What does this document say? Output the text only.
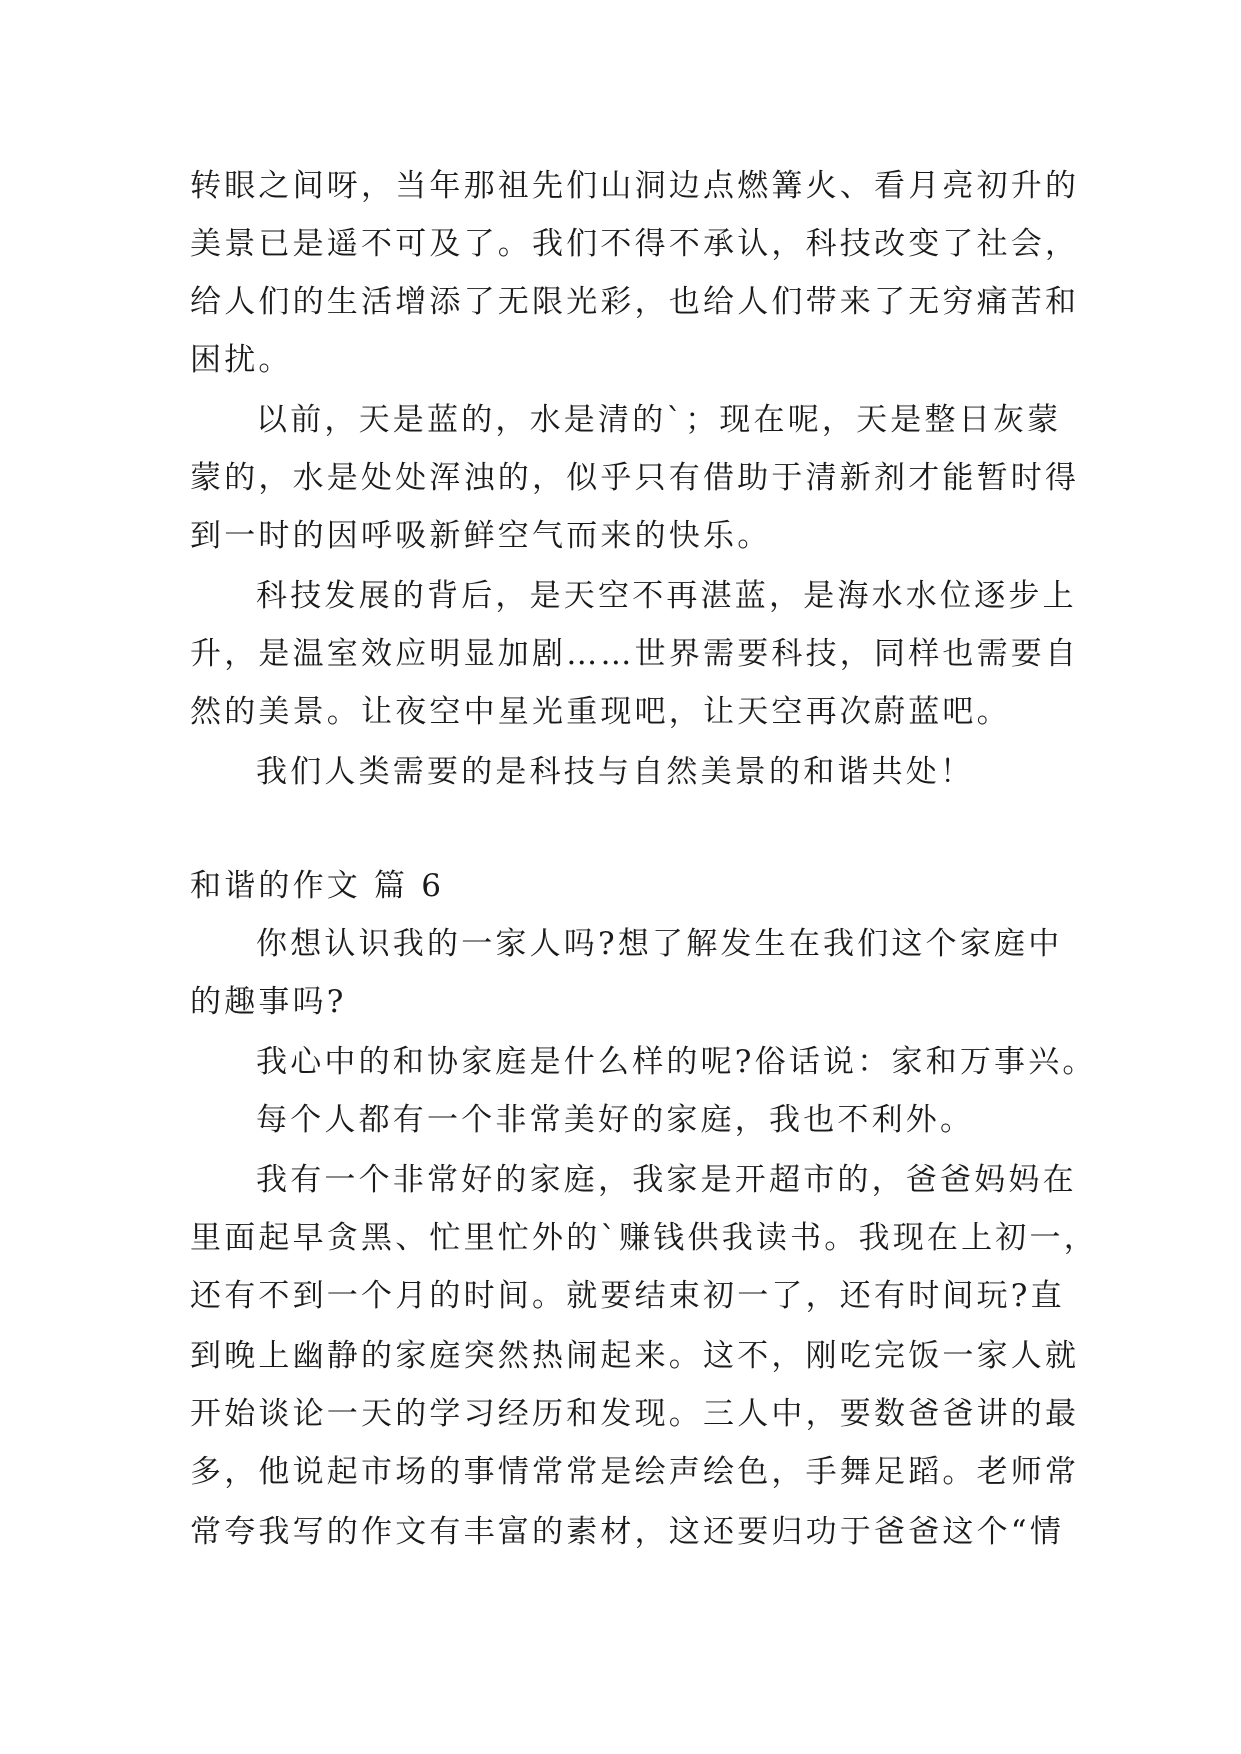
转眼之间呀，当年那祖先们山洞边点燃篝火、看月亮初升的
美景已是遥不可及了。我们不得不承认，科技改变了社会，
给人们的生活增添了无限光彩，也给人们带来了无穷痛苦和
困扰。
以前，天是蓝的，水是清的`；现在呢，天是整日灰蒙
蒙的，水是处处浑浊的，似乎只有借助于清新剂才能暂时得
到一时的因呼吸新鲜空气而来的快乐。
科技发展的背后，是天空不再湛蓝，是海水水位逐步上
升，是温室效应明显加剧……世界需要科技，同样也需要自
然的美景。让夜空中星光重现吧，让天空再次蔚蓝吧。
我们人类需要的是科技与自然美景的和谐共处！
和谐的作文 篇 6
你想认识我的一家人吗?想了解发生在我们这个家庭中
的趣事吗?
我心中的和协家庭是什么样的呢?俗话说：家和万事兴。
每个人都有一个非常美好的家庭，我也不利外。
我有一个非常好的家庭，我家是开超市的，爸爸妈妈在
里面起早贪黑、忙里忙外的`赚钱供我读书。我现在上初一，
还有不到一个月的时间。就要结束初一了，还有时间玩?直
到晚上幽静的家庭突然热闹起来。这不，刚吃完饭一家人就
开始谈论一天的学习经历和发现。三人中，要数爸爸讲的最
多，他说起市场的事情常常是绘声绘色，手舞足蹈。老师常
常夸我写的作文有丰富的素材，这还要归功于爸爸这个“情
